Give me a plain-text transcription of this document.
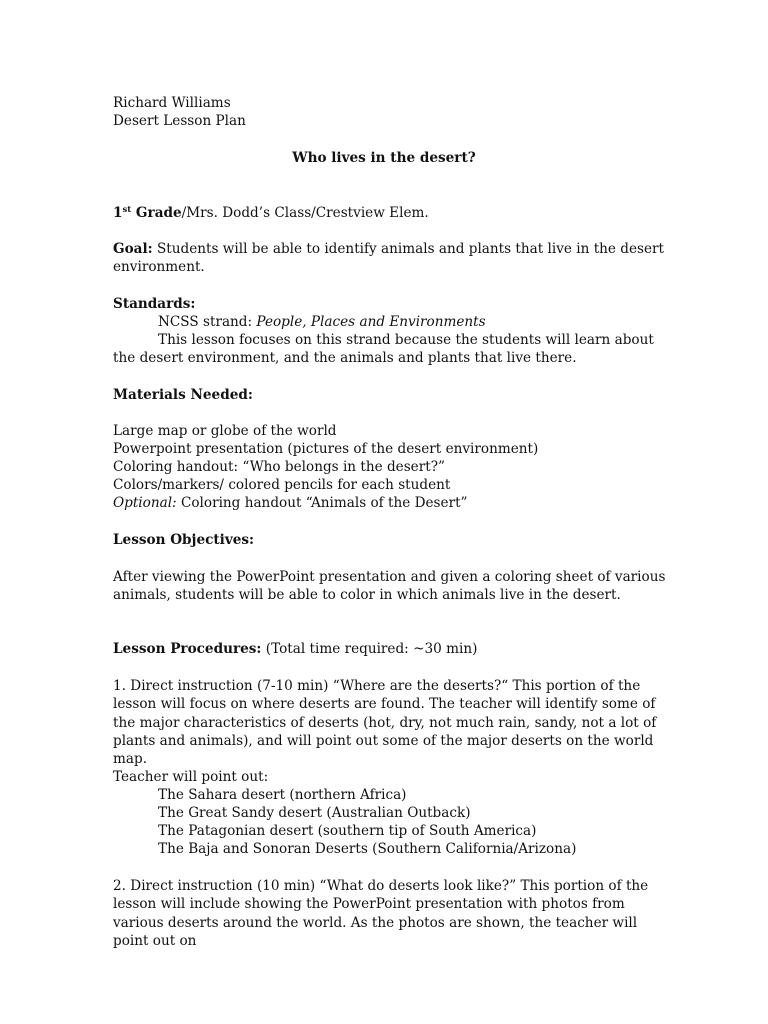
Richard Williams
Desert Lesson Plan
Who lives in the desert?
1st Grade/Mrs. Dodd’s Class/Crestview Elem.
Goal: Students will be able to identify animals and plants that live in the desert environment.
Standards:
NCSS strand: People, Places and Environments
This lesson focuses on this strand because the students will learn about the desert environment, and the animals and plants that live there.
Materials Needed:
Large map or globe of the world
Powerpoint presentation (pictures of the desert environment)
Coloring handout: “Who belongs in the desert?”
Colors/markers/ colored pencils for each student
Optional: Coloring handout “Animals of the Desert”
Lesson Objectives:
After viewing the PowerPoint presentation and given a coloring sheet of various animals, students will be able to color in which animals live in the desert.
Lesson Procedures: (Total time required: ~30 min)
1. Direct instruction (7-10 min) “Where are the deserts?“ This portion of the lesson will focus on where deserts are found. The teacher will identify some of the major characteristics of deserts (hot, dry, not much rain, sandy, not a lot of plants and animals), and will point out some of the major deserts on the world map.
Teacher will point out:
The Sahara desert (northern Africa)
The Great Sandy desert (Australian Outback)
The Patagonian desert (southern tip of South America)
The Baja and Sonoran Deserts (Southern California/Arizona)
2. Direct instruction (10 min) “What do deserts look like?” This portion of the lesson will include showing the PowerPoint presentation with photos from various deserts around the world. As the photos are shown, the teacher will point out on
